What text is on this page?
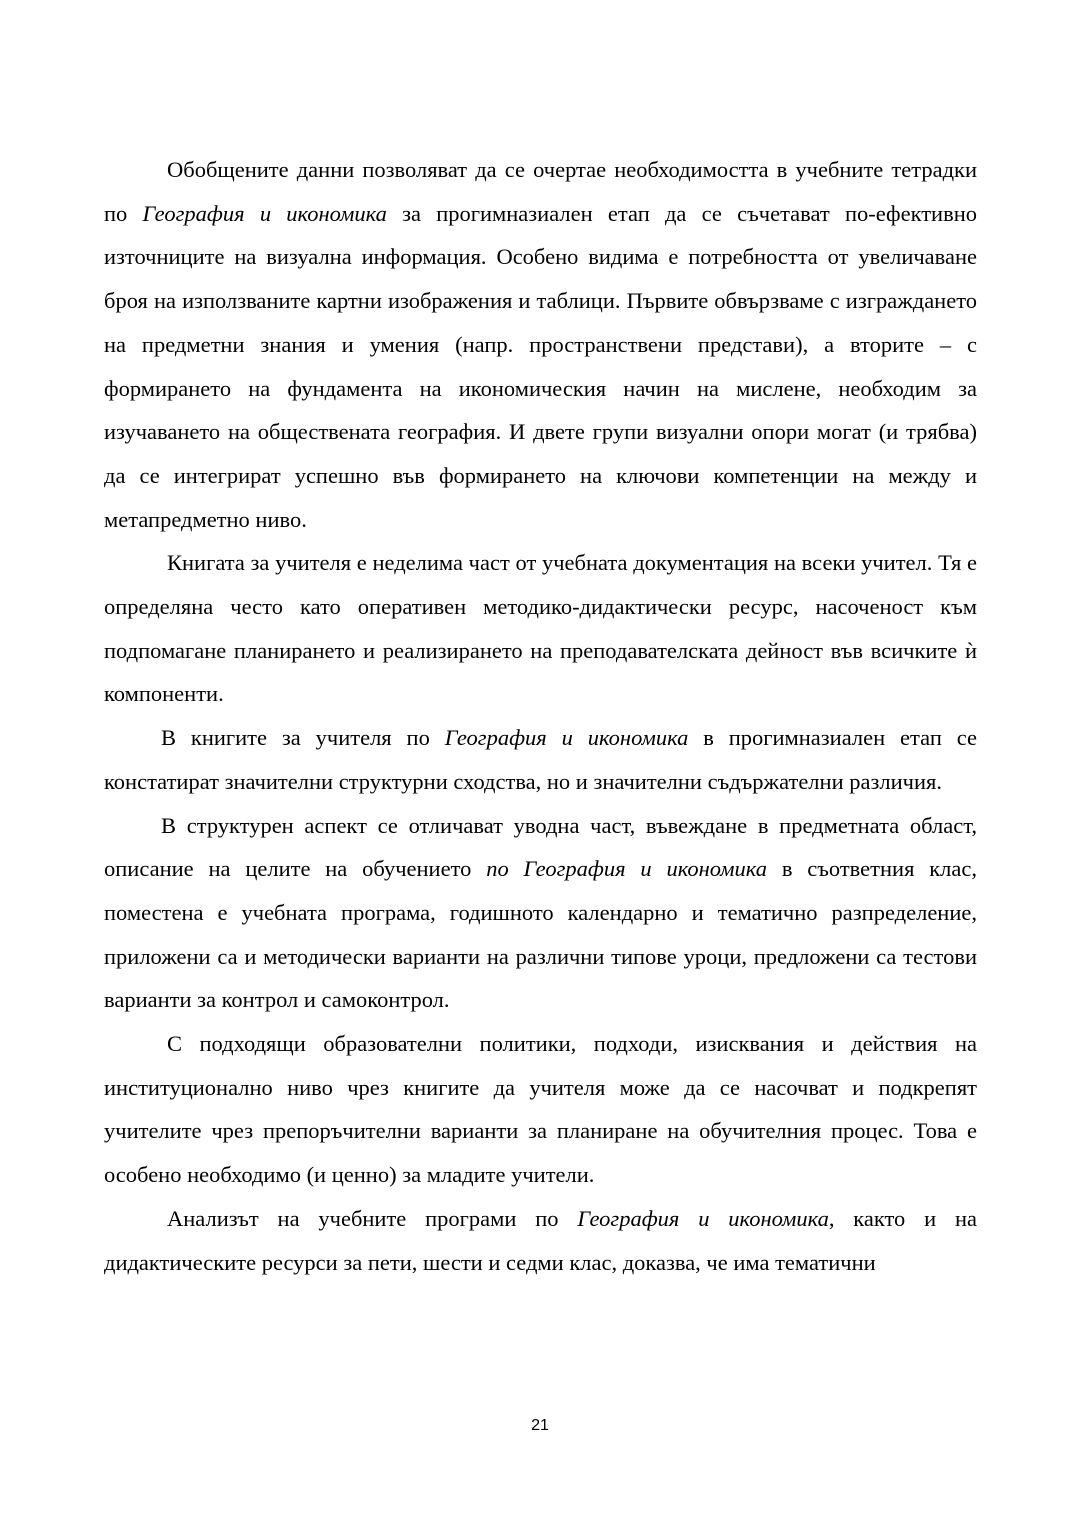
Обобщените данни позволяват да се очертае необходимостта в учебните тетрадки по География и икономика за прогимназиален етап да се съчетават по-ефективно източниците на визуална информация. Особено видима е потребността от увеличаване броя на използваните картни изображения и таблици. Първите обвързваме с изграждането на предметни знания и умения (напр. пространствени представи), а вторите – с формирането на фундамента на икономическия начин на мислене, необходим за изучаването на обществената география. И двете групи визуални опори могат (и трябва) да се интегрират успешно във формирането на ключови компетенции на между и метапредметно ниво.

Книгата за учителя е неделима част от учебната документация на всеки учител. Тя е определяна често като оперативен методико-дидактически ресурс, насоченост към подпомагане планирането и реализирането на преподавателската дейност във всичките ѝ компоненти.

В книгите за учителя по География и икономика в прогимназиален етап се констатират значителни структурни сходства, но и значителни съдържателни различия.

В структурен аспект се отличават уводна част, въвеждане в предметната област, описание на целите на обучението по География и икономика в съответния клас, поместена е учебната програма, годишното календарно и тематично разпределение, приложени са и методически варианти на различни типове уроци, предложени са тестови варианти за контрол и самоконтрол.

С подходящи образователни политики, подходи, изисквания и действия на институционално ниво чрез книгите да учителя може да се насочват и подкрепят учителите чрез препоръчителни варианти за планиране на обучителния процес. Това е особено необходимо (и ценно) за младите учители.

Анализът на учебните програми по География и икономика, както и на дидактическите ресурси за пети, шести и седми клас, доказва, че има тематични

21
